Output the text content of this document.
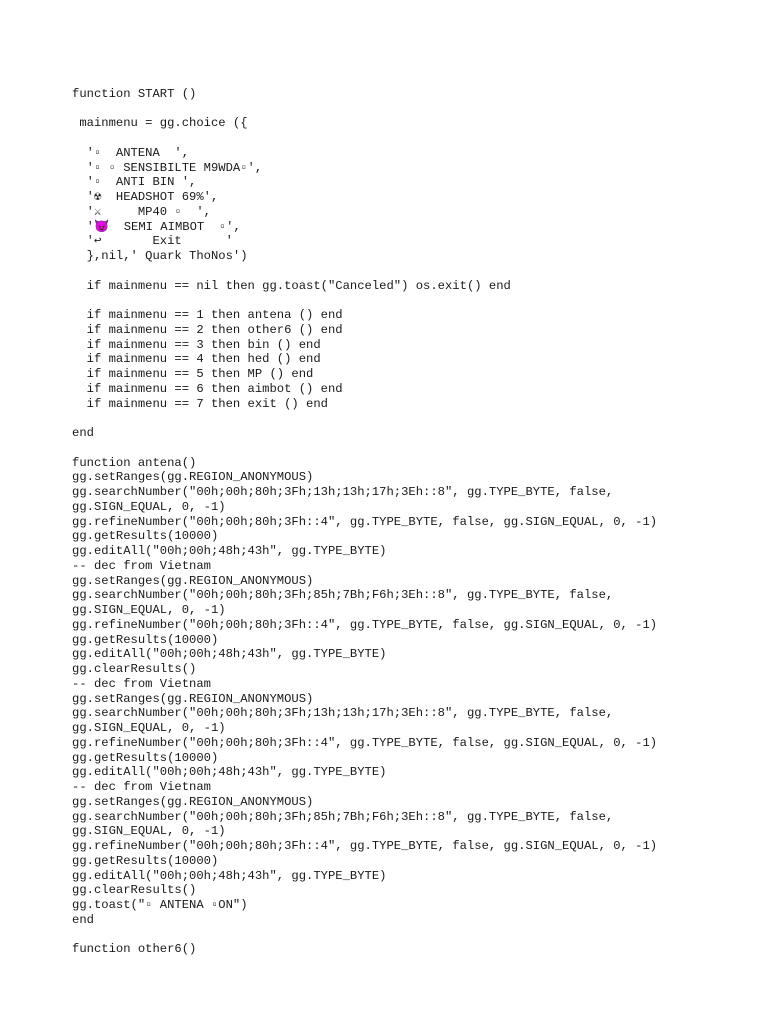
function START ()
mainmenu = gg.choice ({
'▫  ANTENA  ',
'▫ ▫ SENSIBILTE M9WDA▫',
'▫  ANTI BIN ',
'☢  HEADSHOT 69%',
'⚔     MP40 ▫  ',
'😈  SEMI AIMBOT  ▫',
'↩       Exit      '
},nil,' Quark ThoNos')
if mainmenu == nil then gg.toast("Canceled") os.exit() end
if mainmenu == 1 then antena () end
if mainmenu == 2 then other6 () end
if mainmenu == 3 then bin () end
if mainmenu == 4 then hed () end
if mainmenu == 5 then MP () end
if mainmenu == 6 then aimbot () end
if mainmenu == 7 then exit () end
end
function antena()
gg.setRanges(gg.REGION_ANONYMOUS)
gg.searchNumber("00h;00h;80h;3Fh;13h;13h;17h;3Eh::8", gg.TYPE_BYTE, false,
gg.SIGN_EQUAL, 0, -1)
gg.refineNumber("00h;00h;80h;3Fh::4", gg.TYPE_BYTE, false, gg.SIGN_EQUAL, 0, -1)
gg.getResults(10000)
gg.editAll("00h;00h;48h;43h", gg.TYPE_BYTE)
-- dec from Vietnam
gg.setRanges(gg.REGION_ANONYMOUS)
gg.searchNumber("00h;00h;80h;3Fh;85h;7Bh;F6h;3Eh::8", gg.TYPE_BYTE, false,
gg.SIGN_EQUAL, 0, -1)
gg.refineNumber("00h;00h;80h;3Fh::4", gg.TYPE_BYTE, false, gg.SIGN_EQUAL, 0, -1)
gg.getResults(10000)
gg.editAll("00h;00h;48h;43h", gg.TYPE_BYTE)
gg.clearResults()
-- dec from Vietnam
gg.setRanges(gg.REGION_ANONYMOUS)
gg.searchNumber("00h;00h;80h;3Fh;13h;13h;17h;3Eh::8", gg.TYPE_BYTE, false,
gg.SIGN_EQUAL, 0, -1)
gg.refineNumber("00h;00h;80h;3Fh::4", gg.TYPE_BYTE, false, gg.SIGN_EQUAL, 0, -1)
gg.getResults(10000)
gg.editAll("00h;00h;48h;43h", gg.TYPE_BYTE)
-- dec from Vietnam
gg.setRanges(gg.REGION_ANONYMOUS)
gg.searchNumber("00h;00h;80h;3Fh;85h;7Bh;F6h;3Eh::8", gg.TYPE_BYTE, false,
gg.SIGN_EQUAL, 0, -1)
gg.refineNumber("00h;00h;80h;3Fh::4", gg.TYPE_BYTE, false, gg.SIGN_EQUAL, 0, -1)
gg.getResults(10000)
gg.editAll("00h;00h;48h;43h", gg.TYPE_BYTE)
gg.clearResults()
gg.toast("▫ ANTENA ▫ON")
end
function other6()
